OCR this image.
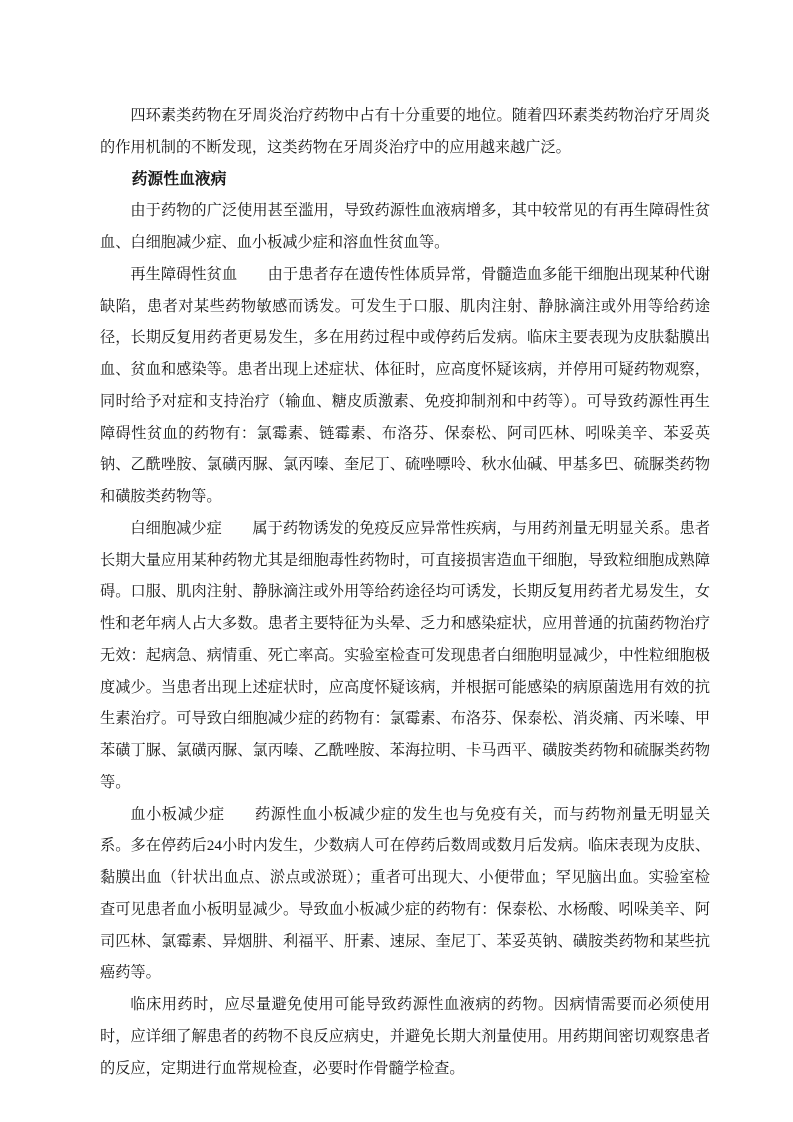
四环素类药物在牙周炎治疗药物中占有十分重要的地位。随着四环素类药物治疗牙周炎的作用机制的不断发现，这类药物在牙周炎治疗中的应用越来越广泛。

药源性血液病

由于药物的广泛使用甚至滥用，导致药源性血液病增多，其中较常见的有再生障碍性贫血、白细胞减少症、血小板减少症和溶血性贫血等。

再生障碍性贫血 由于患者存在遗传性体质异常，骨髓造血多能干细胞出现某种代谢缺陷，患者对某些药物敏感而诱发。可发生于口服、肌肉注射、静脉滴注或外用等给药途径，长期反复用药者更易发生，多在用药过程中或停药后发病。临床主要表现为皮肤黏膜出血、贫血和感染等。患者出现上述症状、体征时，应高度怀疑该病，并停用可疑药物观察，同时给予对症和支持治疗（输血、糖皮质激素、免疫抑制剂和中药等）。可导致药源性再生障碍性贫血的药物有：氯霉素、链霉素、布洛芬、保泰松、阿司匹林、吲哚美辛、苯妥英钠、乙酰唑胺、氯磺丙脲、氯丙嗪、奎尼丁、硫唑嘌呤、秋水仙碱、甲基多巴、硫脲类药物和磺胺类药物等。

白细胞减少症 属于药物诱发的免疫反应异常性疾病，与用药剂量无明显关系。患者长期大量应用某种药物尤其是细胞毒性药物时，可直接损害造血干细胞，导致粒细胞成熟障碍。口服、肌肉注射、静脉滴注或外用等给药途径均可诱发，长期反复用药者尤易发生，女性和老年病人占大多数。患者主要特征为头晕、乏力和感染症状，应用普通的抗菌药物治疗无效：起病急、病情重、死亡率高。实验室检查可发现患者白细胞明显减少，中性粒细胞极度减少。当患者出现上述症状时，应高度怀疑该病，并根据可能感染的病原菌选用有效的抗生素治疗。可导致白细胞减少症的药物有：氯霉素、布洛芬、保泰松、消炎痛、丙米嗪、甲苯磺丁脲、氯磺丙脲、氯丙嗪、乙酰唑胺、苯海拉明、卡马西平、磺胺类药物和硫脲类药物等。

血小板减少症 药源性血小板减少症的发生也与免疫有关，而与药物剂量无明显关系。多在停药后24小时内发生，少数病人可在停药后数周或数月后发病。临床表现为皮肤、黏膜出血（针状出血点、淤点或淤斑）；重者可出现大、小便带血；罕见脑出血。实验室检查可见患者血小板明显减少。导致血小板减少症的药物有：保泰松、水杨酸、吲哚美辛、阿司匹林、氯霉素、异烟肼、利福平、肝素、速尿、奎尼丁、苯妥英钠、磺胺类药物和某些抗癌药等。

临床用药时，应尽量避免使用可能导致药源性血液病的药物。因病情需要而必须使用时，应详细了解患者的药物不良反应病史，并避免长期大剂量使用。用药期间密切观察患者的反应，定期进行血常规检查，必要时作骨髓学检查。
